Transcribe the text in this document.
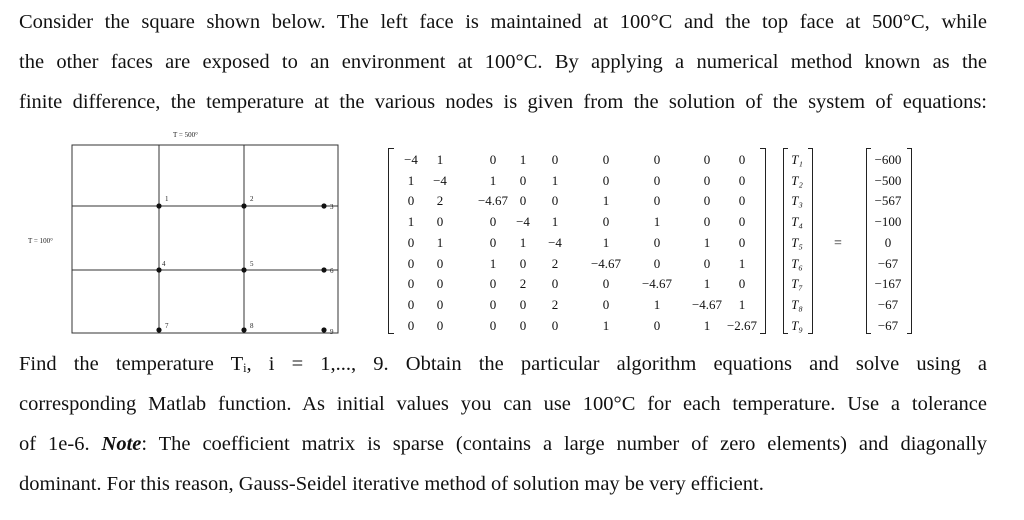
Consider the square shown below. The left face is maintained at 100°C and the top face at 500°C, while
the other faces are exposed to an environment at 100°C. By applying a numerical method known as the
finite difference, the temperature at the various nodes is given from the solution of the system of equations:
1	2
3
4	5
6
7	8
9
T = 500°
T = 100°
−4 1	0 1 0	0	0	0 0
1 −4	1 0 1	0	0	0 0
0 2	−4.67 0 0	1	0	0 0
1 0	0 −4 1	0	1	0 0
0 1	0 1 −4	1	0	1 0
0 0	1 0 2	−4.67	0	0 1
0 0	0 2 0	0	−4.67 1 0
0 0	0 0 2	0	1 −4.67 1
0 0	0 0 0	1	0	1 −2.67
T₁
T₂
T₃
T₄
T₅
T₆
T₇
T₈
T₉
=
−600
−500
−567
−100
0
−67
−167
−67
−67
Find the temperature Tᵢ, i = 1,..., 9. Obtain the particular algorithm equations and solve using a
corresponding Matlab function. As initial values you can use 100°C for each temperature. Use a tolerance
of 1e-6. Note: The coefficient matrix is sparse (contains a large number of zero elements) and diagonally
dominant. For this reason, Gauss-Seidel iterative method of solution may be very efficient.
